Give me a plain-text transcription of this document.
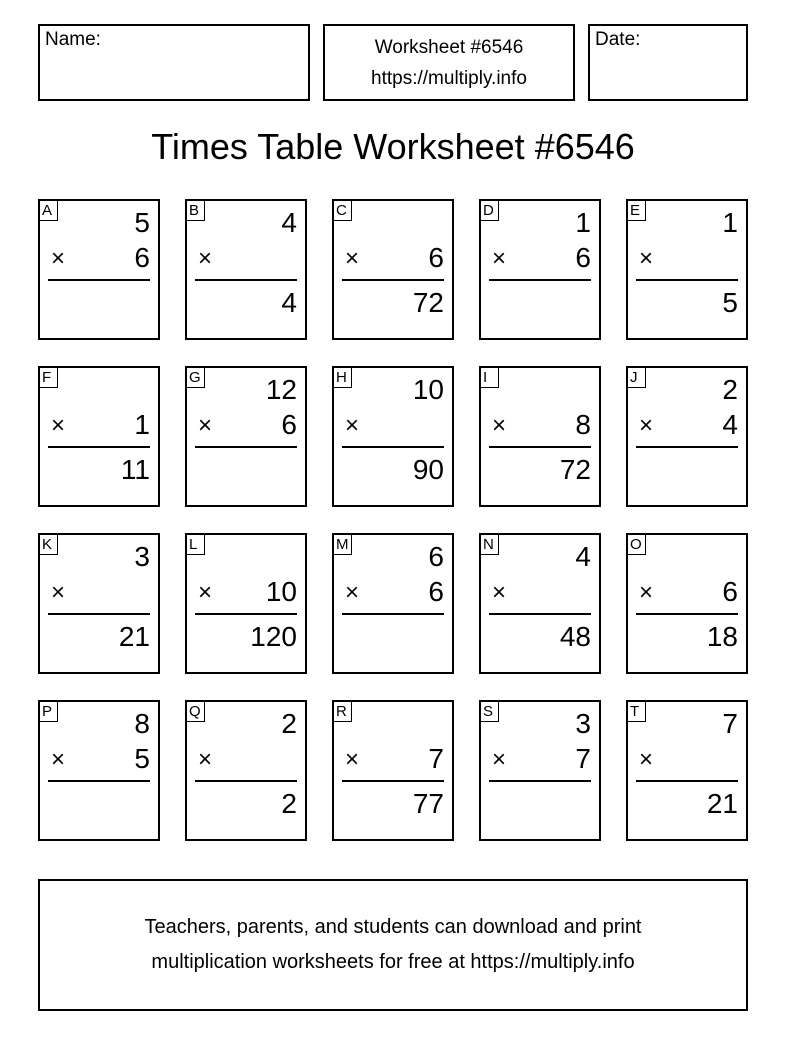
Name:	Worksheet #6546
https://multiply.info
Date:
Times Table Worksheet #6546
A	5
× 6
B	4
×
4
C
× 6
72
D	1
× 6
E	1
×
5
F
× 1
11
G 12
× 6
H 10
×
90
I
× 8
72
J	2
× 4
K	3
×
21
L
× 10
120
M	6
× 6
N	4
×
48
O
× 6
18
P	8
× 5
Q	2
×
2
R
× 7
77
S	3
× 7
T	7
×
21
Teachers, parents, and students can download and print
multiplication worksheets for free at https://multiply.info
